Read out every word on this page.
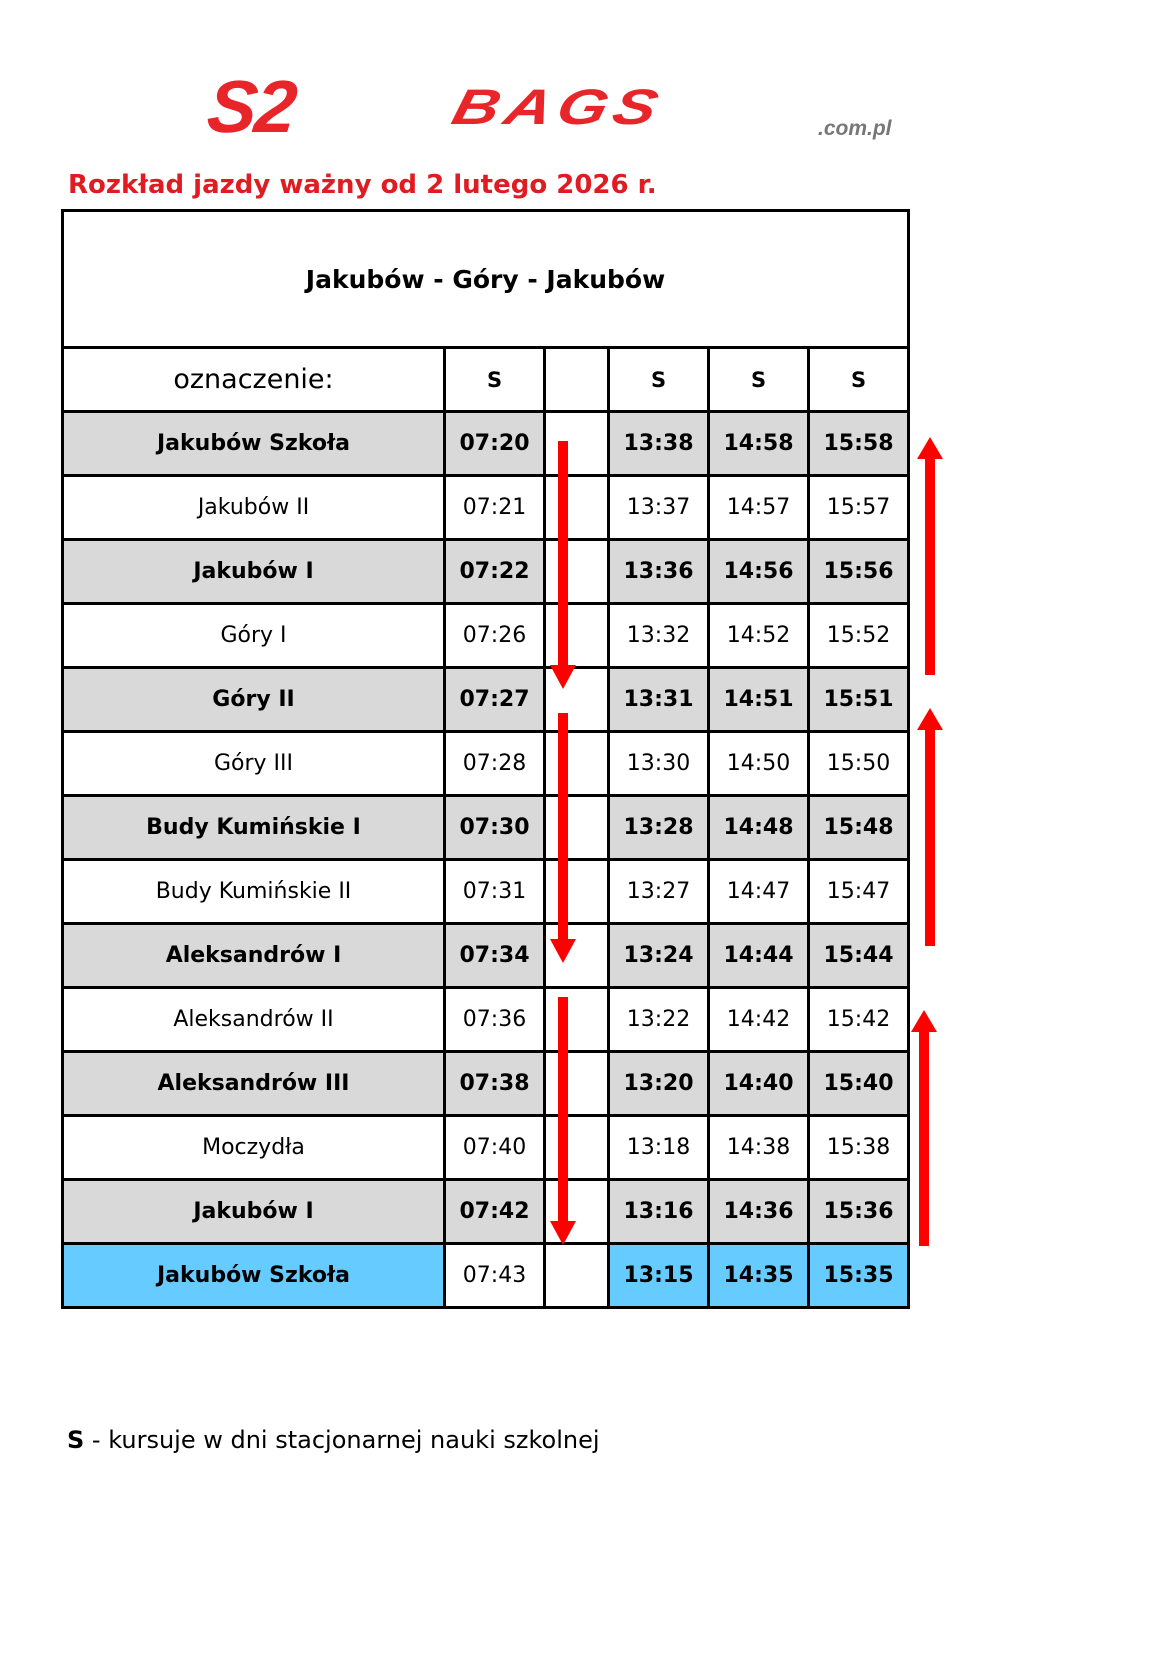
S2 BAGS	.com.pl
Rozkład jazdy ważny od 2 lutego 2026 r.
Jakubów - Góry - Jakubów					
oznaczenie:	S		S	S	S
Jakubów Szkoła	07:20		13:38	14:58	15:58
Jakubów II	07:21		13:37	14:57	15:57
Jakubów I	07:22		13:36	14:56	15:56
Góry I	07:26		13:32	14:52	15:52
Góry II	07:27		13:31	14:51	15:51
Góry III	07:28		13:30	14:50	15:50
Budy Kumińskie I	07:30		13:28	14:48	15:48
Budy Kumińskie II	07:31		13:27	14:47	15:47
Aleksandrów I	07:34		13:24	14:44	15:44
Aleksandrów II	07:36		13:22	14:42	15:42
Aleksandrów III	07:38		13:20	14:40	15:40
Moczydła	07:40		13:18	14:38	15:38
Jakubów I	07:42		13:16	14:36	15:36
Jakubów Szkoła	07:43		13:15	14:35	15:35
S - kursuje w dni stacjonarnej nauki szkolnej
